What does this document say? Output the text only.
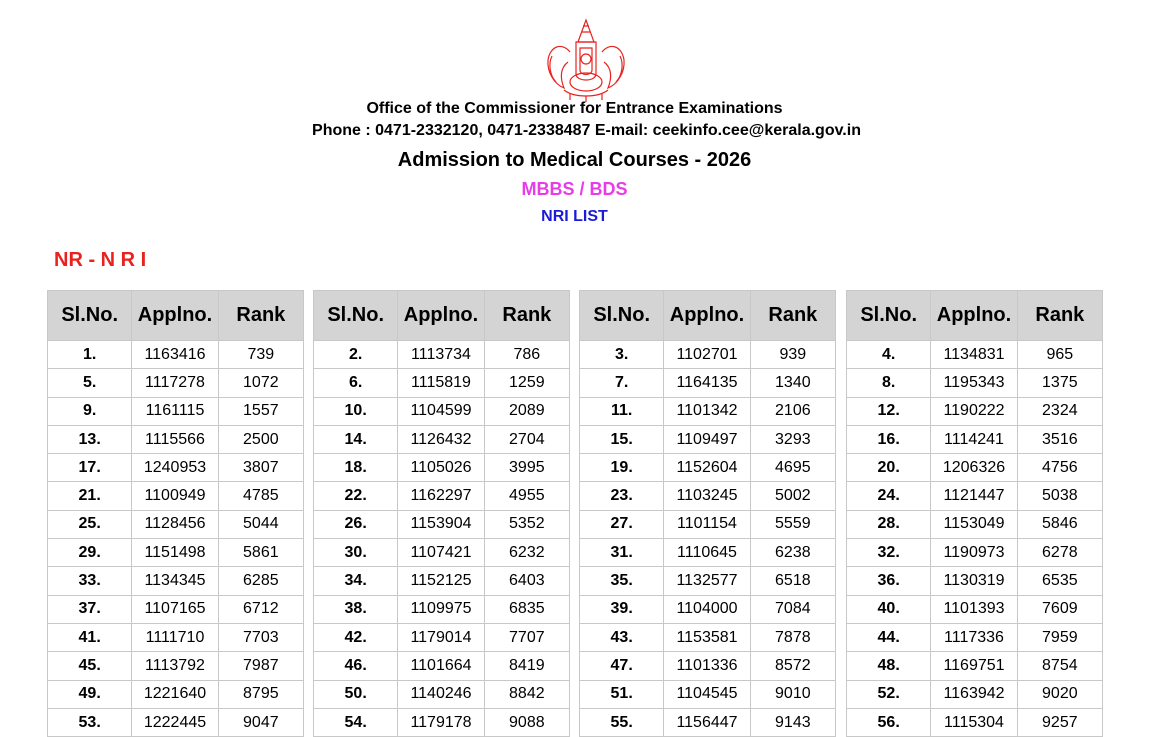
Office of the Commissioner for Entrance Examinations
Phone : 0471-2332120, 0471-2338487 E-mail: ceekinfo.cee@kerala.gov.in
Admission to Medical Courses - 2026
MBBS / BDS
NRI LIST
NR - N R I
Sl.No.	Applno.	Rank
1.	1163416	739
5.	1117278	1072
9.	1161115	1557
13.	1115566	2500
17.	1240953	3807
21.	1100949	4785
25.	1128456	5044
29.	1151498	5861
33.	1134345	6285
37.	1107165	6712
41.	1111710	7703
45.	1113792	7987
49.	1221640	8795
53.	1222445	9047
Sl.No.	Applno.	Rank
2.	1113734	786
6.	1115819	1259
10.	1104599	2089
14.	1126432	2704
18.	1105026	3995
22.	1162297	4955
26.	1153904	5352
30.	1107421	6232
34.	1152125	6403
38.	1109975	6835
42.	1179014	7707
46.	1101664	8419
50.	1140246	8842
54.	1179178	9088
Sl.No.	Applno.	Rank
3.	1102701	939
7.	1164135	1340
11.	1101342	2106
15.	1109497	3293
19.	1152604	4695
23.	1103245	5002
27.	1101154	5559
31.	1110645	6238
35.	1132577	6518
39.	1104000	7084
43.	1153581	7878
47.	1101336	8572
51.	1104545	9010
55.	1156447	9143
Sl.No.	Applno.	Rank
4.	1134831	965
8.	1195343	1375
12.	1190222	2324
16.	1114241	3516
20.	1206326	4756
24.	1121447	5038
28.	1153049	5846
32.	1190973	6278
36.	1130319	6535
40.	1101393	7609
44.	1117336	7959
48.	1169751	8754
52.	1163942	9020
56.	1115304	9257
